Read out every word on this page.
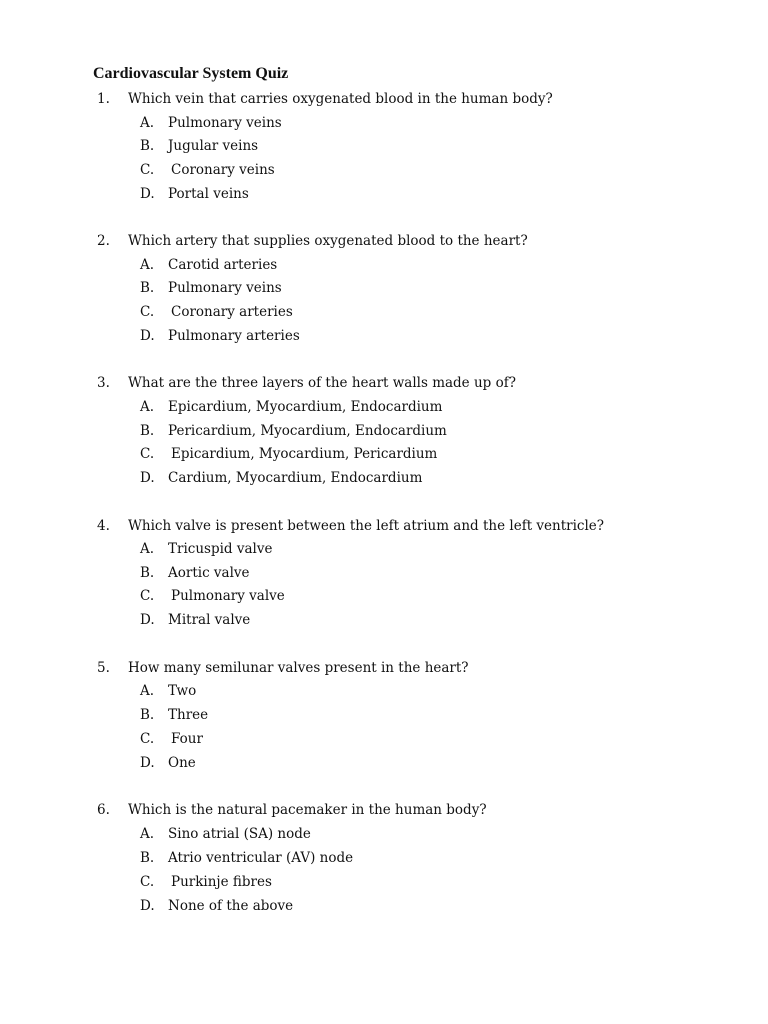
Cardiovascular System Quiz
1. Which vein that carries oxygenated blood in the human body?
A. Pulmonary veins
B. Jugular veins
C. Coronary veins
D. Portal veins
2. Which artery that supplies oxygenated blood to the heart?
A. Carotid arteries
B. Pulmonary veins
C. Coronary arteries
D. Pulmonary arteries
3. What are the three layers of the heart walls made up of?
A. Epicardium, Myocardium, Endocardium
B. Pericardium, Myocardium, Endocardium
C. Epicardium, Myocardium, Pericardium
D. Cardium, Myocardium, Endocardium
4. Which valve is present between the left atrium and the left ventricle?
A. Tricuspid valve
B. Aortic valve
C. Pulmonary valve
D. Mitral valve
5. How many semilunar valves present in the heart?
A. Two
B. Three
C. Four
D. One
6. Which is the natural pacemaker in the human body?
A. Sino atrial (SA) node
B. Atrio ventricular (AV) node
C. Purkinje fibres
D. None of the above
